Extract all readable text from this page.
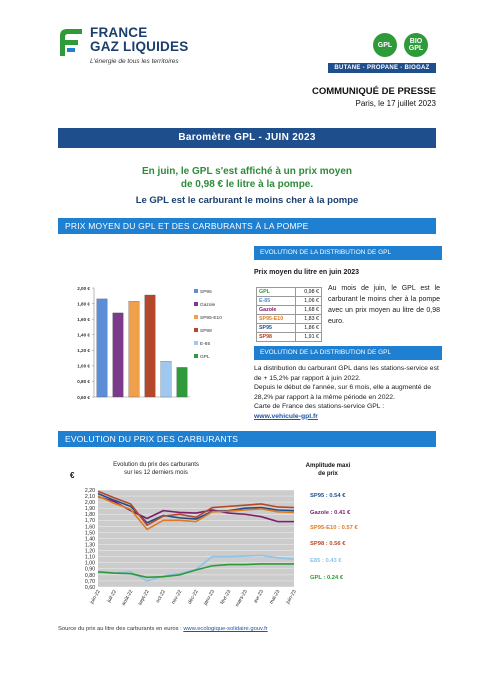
FRANCE
GAZ LIQUIDES
L'énergie de tous les territoires
GPL	BIO
GPL
BUTANE - PROPANE - BIOGAZ
COMMUNIQUÉ DE PRESSE
Paris, le 17 juillet 2023
Baromètre GPL - JUIN 2023
En juin, le GPL s'est affiché à un prix moyen
de 0,98 € le litre à la pompe.
Le GPL est le carburant le moins cher à la pompe
PRIX MOYEN DU GPL ET DES CARBURANTS À LA POMPE
EVOLUTION DE LA DISTRIBUTION DE GPL
2,00 €
1,80 €
1,60 €
1,40 €
1,20 €
1,00 €
0,80 €
0,60 €
SP95
Gazole
SP95-E10
SP98
E-85
GPL
Prix moyen du litre en juin 2023
GPL	0,98 €
E-85	1,06 €
Gazole	1,68 €
SP95-E10	1,83 €
SP95	1,86 €
SP98	1,91 €
Au mois de juin, le GPL est le carburant le moins cher à la pompe avec un prix moyen au litre de 0,98 euro.
EVOLUTION DE LA DISTRIBUTION DE GPL
La distribution du carburant GPL dans les stations-service est de + 15,2% par rapport à juin 2022.
Depuis le début de l'année, sur 6 mois, elle a augmenté de 28,2% par rapport à la même période en 2022.
Carte de France des stations-service GPL :
www.vehicule-gpl.fr
EVOLUTION DU PRIX DES CARBURANTS
Evolution du prix des carburants
sur les 12 derniers mois
€
2,20
2,10
2,00
1,90
1,80
1,70
1,60
1,50
1,40
1,30
1,20
1,10
1,00
0,90
0,80
0,70
0,60
juin-22 juil-22 août-22 sept-22 oct-22 nov-22 déc-22 janv-23 févr-23 mars-23 avr-23 mai-23 juin-23
Amplitude maxi
de prix
SP95 : 0.54 €
Gazole : 0.41 €
SP95-E10 : 0.57 €
SP98 : 0.56 €
E85 : 0.43 €
GPL : 0.24 €
Source du prix au litre des carburants en euros : www.ecologique-solidaire.gouv.fr
